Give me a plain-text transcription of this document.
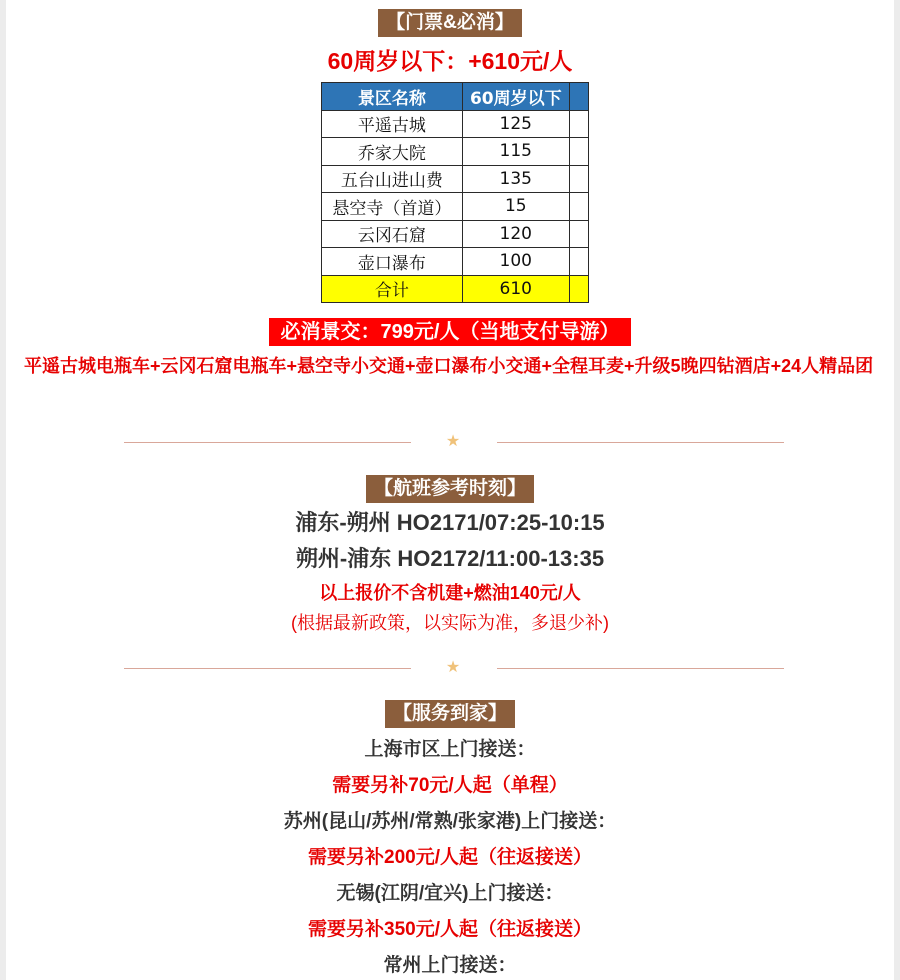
【门票&必消】
60周岁以下：+610元/人
景区名称	60周岁以下	
平遥古城	125	
乔家大院	115	
五台山进山费	135	
悬空寺（首道）	15	
云冈石窟	120	
壶口瀑布	100	
合计	610	
必消景交：799元/人（当地支付导游）
平遥古城电瓶车+云冈石窟电瓶车+悬空寺小交通+壶口瀑布小交通+全程耳麦+升级5晚四钻酒店+24人精品团
★
【航班参考时刻】
浦东-朔州 HO2171/07:25-10:15
朔州-浦东 HO2172/11:00-13:35
以上报价不含机建+燃油140元/人
(根据最新政策，以实际为准，多退少补)
★
【服务到家】
上海市区上门接送：
需要另补70元/人起（单程）
苏州(昆山/苏州/常熟/张家港)上门接送：
需要另补200元/人起（往返接送）
无锡(江阴/宜兴)上门接送：
需要另补350元/人起（往返接送）
常州上门接送：
